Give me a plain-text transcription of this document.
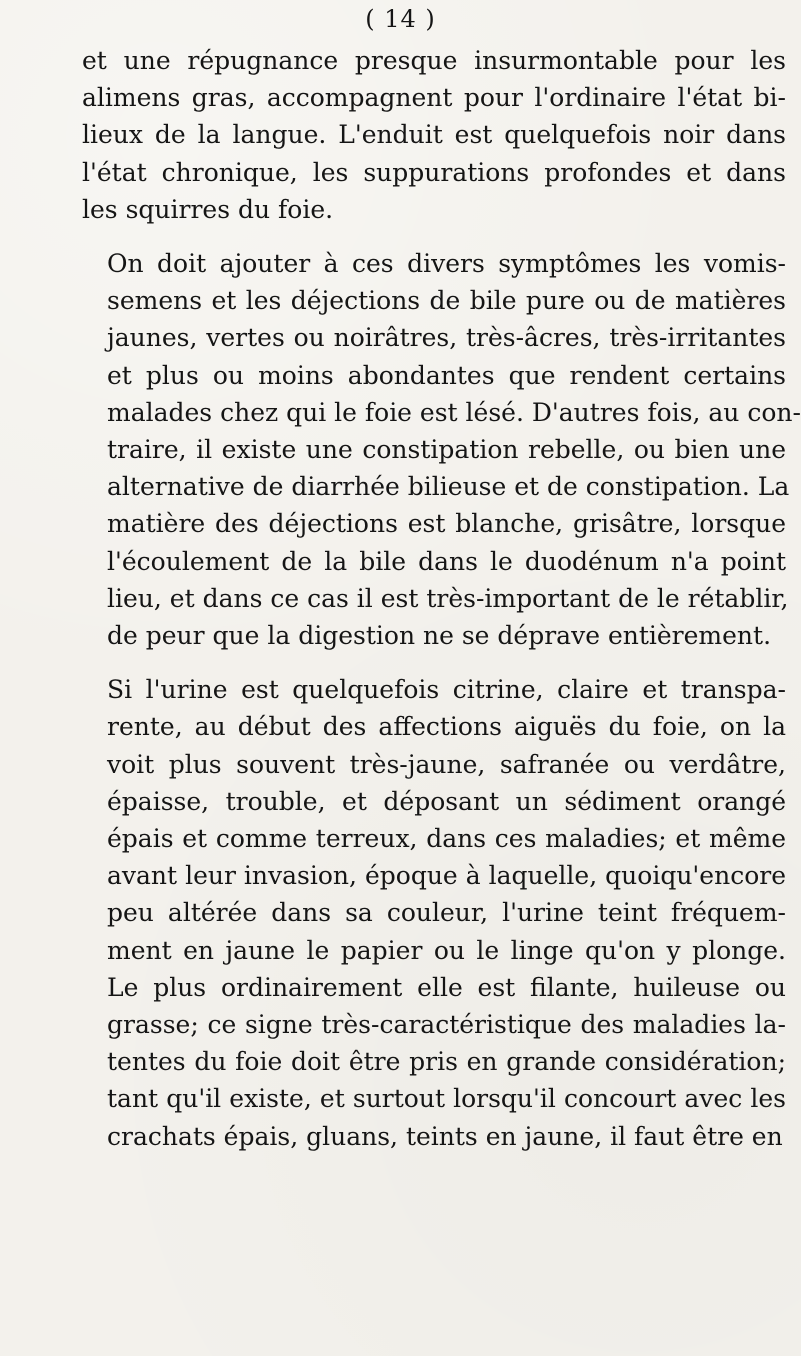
( 14 )

et une répugnance presque insurmontable pour les
alimens gras, accompagnent pour l'ordinaire l'état bi-
lieux de la langue. L'enduit est quelquefois noir dans
l'état chronique, les suppurations profondes et dans
les squirres du foie.

On doit ajouter à ces divers symptômes les vomis-
semens et les déjections de bile pure ou de matières
jaunes, vertes ou noirâtres, très-âcres, très-irritantes
et plus ou moins abondantes que rendent certains
malades chez qui le foie est lésé. D'autres fois, au con-
traire, il existe une constipation rebelle, ou bien une
alternative de diarrhée bilieuse et de constipation. La
matière des déjections est blanche, grisâtre, lorsque
l'écoulement de la bile dans le duodénum n'a point
lieu, et dans ce cas il est très-important de le rétablir,
de peur que la digestion ne se déprave entièrement.

Si l'urine est quelquefois citrine, claire et transpa-
rente, au début des affections aiguës du foie, on la
voit plus souvent très-jaune, safranée ou verdâtre,
épaisse, trouble, et déposant un sédiment orangé
épais et comme terreux, dans ces maladies; et même
avant leur invasion, époque à laquelle, quoiqu'encore
peu altérée dans sa couleur, l'urine teint fréquem-
ment en jaune le papier ou le linge qu'on y plonge.
Le plus ordinairement elle est filante, huileuse ou
grasse; ce signe très-caractéristique des maladies la-
tentes du foie doit être pris en grande considération;
tant qu'il existe, et surtout lorsqu'il concourt avec les
crachats épais, gluans, teints en jaune, il faut être en
